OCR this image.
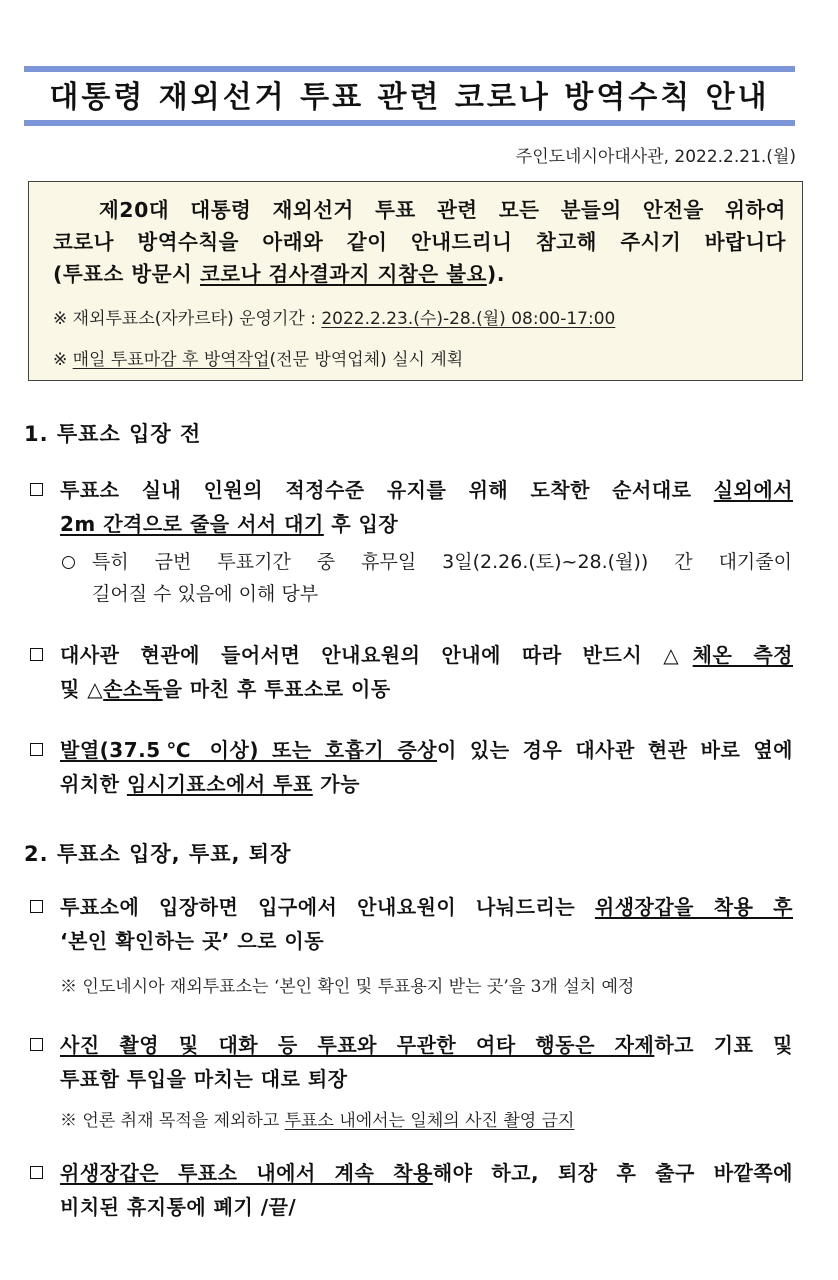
대통령 재외선거 투표 관련 코로나 방역수칙 안내
주인도네시아대사관, 2022.2.21.(월)
제20대 대통령 재외선거 투표 관련 모든 분들의 안전을 위하여
코로나 방역수칙을 아래와 같이 안내드리니 참고해 주시기 바랍니다
(투표소 방문시 코로나 검사결과지 지참은 불요).
※ 재외투표소(자카르타) 운영기간 : 2022.2.23.(수)-28.(월) 08:00-17:00
※ 매일 투표마감 후 방역작업(전문 방역업체) 실시 계획
1. 투표소 입장 전
투표소 실내 인원의 적정수준 유지를 위해 도착한 순서대로 실외에서
2m 간격으로 줄을 서서 대기 후 입장
특히 금번 투표기간 중 휴무일 3일(2.26.(토)~28.(월)) 간 대기줄이
길어질 수 있음에 이해 당부
대사관 현관에 들어서면 안내요원의 안내에 따라 반드시 △체온 측정
및 △손소독을 마친 후 투표소로 이동
발열(37.5℃ 이상) 또는 호흡기 증상이 있는 경우 대사관 현관 바로 옆에
위치한 임시기표소에서 투표 가능
2. 투표소 입장, 투표, 퇴장
투표소에 입장하면 입구에서 안내요원이 나눠드리는 위생장갑을 착용 후
‘본인 확인하는 곳’ 으로 이동
※ 인도네시아 재외투표소는 ‘본인 확인 및 투표용지 받는 곳’을 3개 설치 예정
사진 촬영 및 대화 등 투표와 무관한 여타 행동은 자제하고 기표 및
투표함 투입을 마치는 대로 퇴장
※ 언론 취재 목적을 제외하고 투표소 내에서는 일체의 사진 촬영 금지
위생장갑은 투표소 내에서 계속 착용해야 하고, 퇴장 후 출구 바깥쪽에
비치된 휴지통에 폐기 /끝/
